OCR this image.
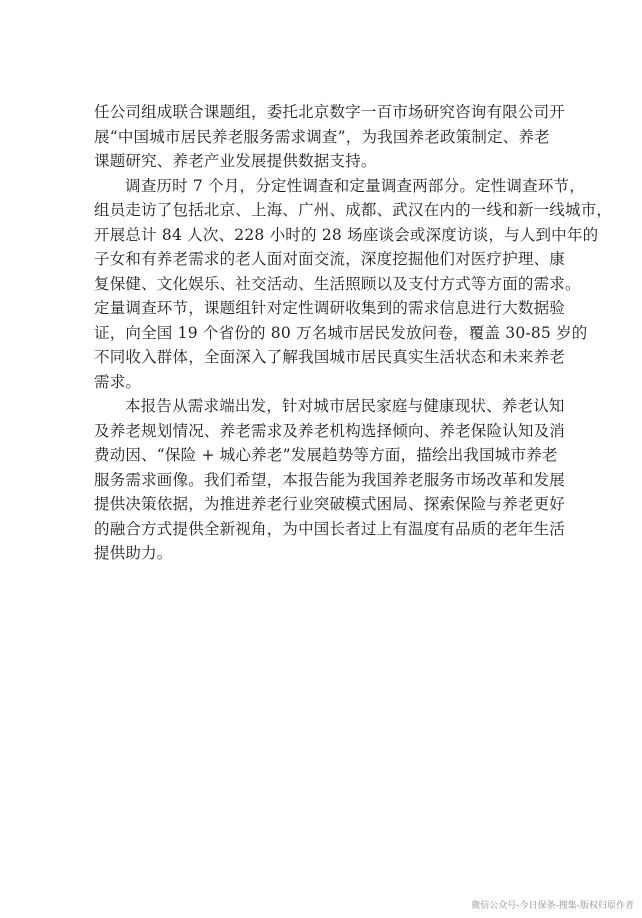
任公司组成联合课题组，委托北京数字一百市场研究咨询有限公司开
展“中国城市居民养老服务需求调查”，为我国养老政策制定、养老
课题研究、养老产业发展提供数据支持。
调查历时 7 个月，分定性调查和定量调查两部分。定性调查环节，
组员走访了包括北京、上海、广州、成都、武汉在内的一线和新一线城市，
开展总计 84 人次、228 小时的 28 场座谈会或深度访谈，与人到中年的
子女和有养老需求的老人面对面交流，深度挖掘他们对医疗护理、康
复保健、文化娱乐、社交活动、生活照顾以及支付方式等方面的需求。
定量调查环节，课题组针对定性调研收集到的需求信息进行大数据验
证，向全国 19 个省份的 80 万名城市居民发放问卷，覆盖 30-85 岁的
不同收入群体，全面深入了解我国城市居民真实生活状态和未来养老
需求。
本报告从需求端出发，针对城市居民家庭与健康现状、养老认知
及养老规划情况、养老需求及养老机构选择倾向、养老保险认知及消
费动因、“保险 + 城心养老”发展趋势等方面，描绘出我国城市养老
服务需求画像。我们希望，本报告能为我国养老服务市场改革和发展
提供决策依据，为推进养老行业突破模式困局、探索保险与养老更好
的融合方式提供全新视角，为中国长者过上有温度有品质的老年生活
提供助力。
微信公众号-今日保条-搜集-版权归原作者
